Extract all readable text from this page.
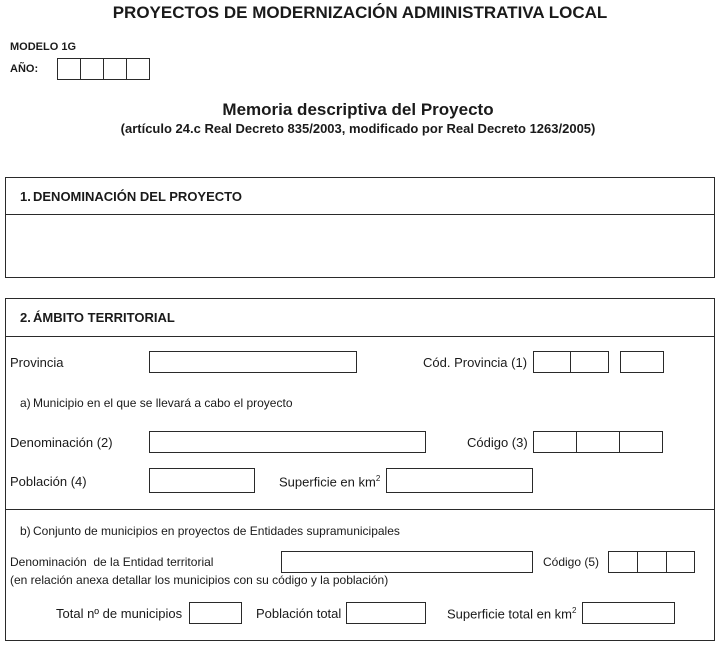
PROYECTOS DE MODERNIZACIÓN ADMINISTRATIVA LOCAL
MODELO 1G
AÑO:
Memoria descriptiva del Proyecto
(artículo 24.c Real Decreto 835/2003, modificado por Real Decreto 1263/2005)
1. DENOMINACIÓN DEL PROYECTO
2. ÁMBITO TERRITORIAL
Provincia	Cód. Provincia (1)
a) Municipio en el que se llevará a cabo el proyecto
Denominación (2)	Código (3)
Población (4)	Superficie en $km^2$
b) Conjunto de municipios en proyectos de Entidades supramunicipales
Denominación  de la Entidad territorial	Código (5)
(en relación anexa detallar los municipios con su código y la población)
Total nº de municipios	Población total	Superficie total en $km^2$
